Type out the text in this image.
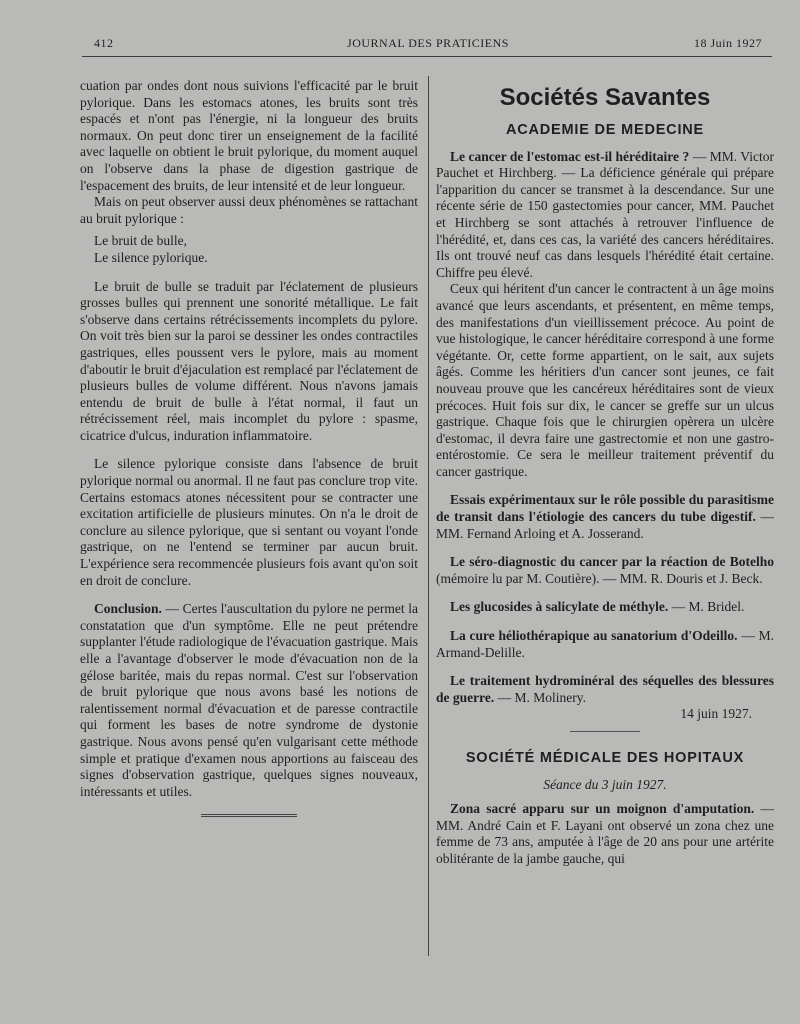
412	JOURNAL DES PRATICIENS	18 Juin 1927

cuation par ondes dont nous suivions l'efficacité par le bruit pylorique. Dans les estomacs atones, les bruits sont très espacés et n'ont pas l'énergie, ni la longueur des bruits normaux. On peut donc tirer un enseignement de la facilité avec laquelle on obtient le bruit pylorique, du moment auquel on l'observe dans la phase de digestion gastrique de l'espacement des bruits, de leur intensité et de leur longueur.

Mais on peut observer aussi deux phénomènes se rattachant au bruit pylorique :

Le bruit de bulle,

Le silence pylorique.

Le bruit de bulle se traduit par l'éclatement de plusieurs grosses bulles qui prennent une sonorité métallique. Le fait s'observe dans certains rétrécissements incomplets du pylore. On voit très bien sur la paroi se dessiner les ondes contractiles gastriques, elles poussent vers le pylore, mais au moment d'aboutir le bruit d'éjaculation est remplacé par l'éclatement de plusieurs bulles de volume différent. Nous n'avons jamais entendu de bruit de bulle à l'état normal, il faut un rétrécissement réel, mais incomplet du pylore : spasme, cicatrice d'ulcus, induration inflammatoire.

Le silence pylorique consiste dans l'absence de bruit pylorique normal ou anormal. Il ne faut pas conclure trop vite. Certains estomacs atones nécessitent pour se contracter une excitation artificielle de plusieurs minutes. On n'a le droit de conclure au silence pylorique, que si sentant ou voyant l'onde gastrique, on ne l'entend se terminer par aucun bruit. L'expérience sera recommencée plusieurs fois avant qu'on soit en droit de conclure.

Conclusion. — Certes l'auscultation du pylore ne permet la constatation que d'un symptôme. Elle ne peut prétendre supplanter l'étude radiologique de l'évacuation gastrique. Mais elle a l'avantage d'observer le mode d'évacuation non de la gélose baritée, mais du repas normal. C'est sur l'observation de bruit pylorique que nous avons basé les notions de ralentissement normal d'évacuation et de paresse contractile qui forment les bases de notre syndrome de dystonie gastrique. Nous avons pensé qu'en vulgarisant cette méthode simple et pratique d'examen nous apportions au faisceau des signes d'observation gastrique, quelques signes nouveaux, intéressants et utiles.

Sociétés Savantes
ACADEMIE DE MEDECINE

Le cancer de l'estomac est-il héréditaire ? — MM. Victor Pauchet et Hirchberg. — La déficience générale qui prépare l'apparition du cancer se transmet à la descendance. Sur une récente série de 150 gastectomies pour cancer, MM. Pauchet et Hirchberg se sont attachés à retrouver l'influence de l'hérédité, et, dans ces cas, la variété des cancers héréditaires. Ils ont trouvé neuf cas dans lesquels l'hérédité était certaine. Chiffre peu élevé.

Ceux qui héritent d'un cancer le contractent à un âge moins avancé que leurs ascendants, et présentent, en même temps, des manifestations d'un vieillissement précoce. Au point de vue histologique, le cancer héréditaire correspond à une forme végétante. Or, cette forme appartient, on le sait, aux sujets âgés. Comme les héritiers d'un cancer sont jeunes, ce fait nouveau prouve que les cancéreux héréditaires sont de vieux précoces. Huit fois sur dix, le cancer se greffe sur un ulcus gastrique. Chaque fois que le chirurgien opèrera un ulcère d'estomac, il devra faire une gastrectomie et non une gastro-entérostomie. Ce sera le meilleur traitement préventif du cancer gastrique.

Essais expérimentaux sur le rôle possible du parasitisme de transit dans l'étiologie des cancers du tube digestif. — MM. Fernand Arloing et A. Josserand.

Le séro-diagnostic du cancer par la réaction de Botelho (mémoire lu par M. Coutière). — MM. R. Douris et J. Beck.

Les glucosides à salicylate de méthyle. — M. Bridel.

La cure héliothérapique au sanatorium d'Odeillo. — M. Armand-Delille.

Le traitement hydrominéral des séquelles des blessures de guerre. — M. Molinery.

14 juin 1927.

SOCIÉTÉ MÉDICALE DES HOPITAUX

Séance du 3 juin 1927.

Zona sacré apparu sur un moignon d'amputation. — MM. André Cain et F. Layani ont observé un zona chez une femme de 73 ans, amputée à l'âge de 20 ans pour une artérite oblitérante de la jambe gauche, qui
